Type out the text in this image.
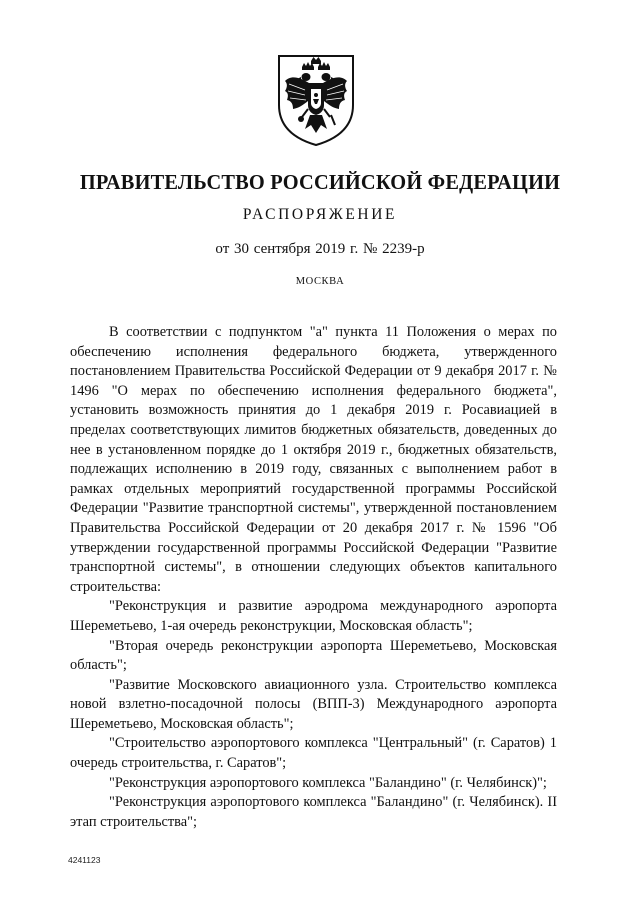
ПРАВИТЕЛЬСТВО РОССИЙСКОЙ ФЕДЕРАЦИИ
РАСПОРЯЖЕНИЕ
от 30 сентября 2019 г. № 2239-р
МОСКВА

В соответствии с подпунктом "а" пункта 11 Положения о мерах по обеспечению исполнения федерального бюджета, утвержденного постановлением Правительства Российской Федерации от 9 декабря 2017 г. № 1496 "О мерах по обеспечению исполнения федерального бюджета", установить возможность принятия до 1 декабря 2019 г. Росавиацией в пределах соответствующих лимитов бюджетных обязательств, доведенных до нее в установленном порядке до 1 октября 2019 г., бюджетных обязательств, подлежащих исполнению в 2019 году, связанных с выполнением работ в рамках отдельных мероприятий государственной программы Российской Федерации "Развитие транспортной системы", утвержденной постановлением Правительства Российской Федерации от 20 декабря 2017 г. № 1596 "Об утверждении государственной программы Российской Федерации "Развитие транспортной системы", в отношении следующих объектов капитального строительства:

"Реконструкция и развитие аэродрома международного аэропорта Шереметьево, 1-ая очередь реконструкции, Московская область";

"Вторая очередь реконструкции аэропорта Шереметьево, Московская область";

"Развитие Московского авиационного узла. Строительство комплекса новой взлетно-посадочной полосы (ВПП-3) Международного аэропорта Шереметьево, Московская область";

"Строительство аэропортового комплекса "Центральный" (г. Саратов) 1 очередь строительства, г. Саратов";

"Реконструкция аэропортового комплекса "Баландино" (г. Челябинск)";

"Реконструкция аэропортового комплекса "Баландино" (г. Челябинск). II этап строительства";

4241123
